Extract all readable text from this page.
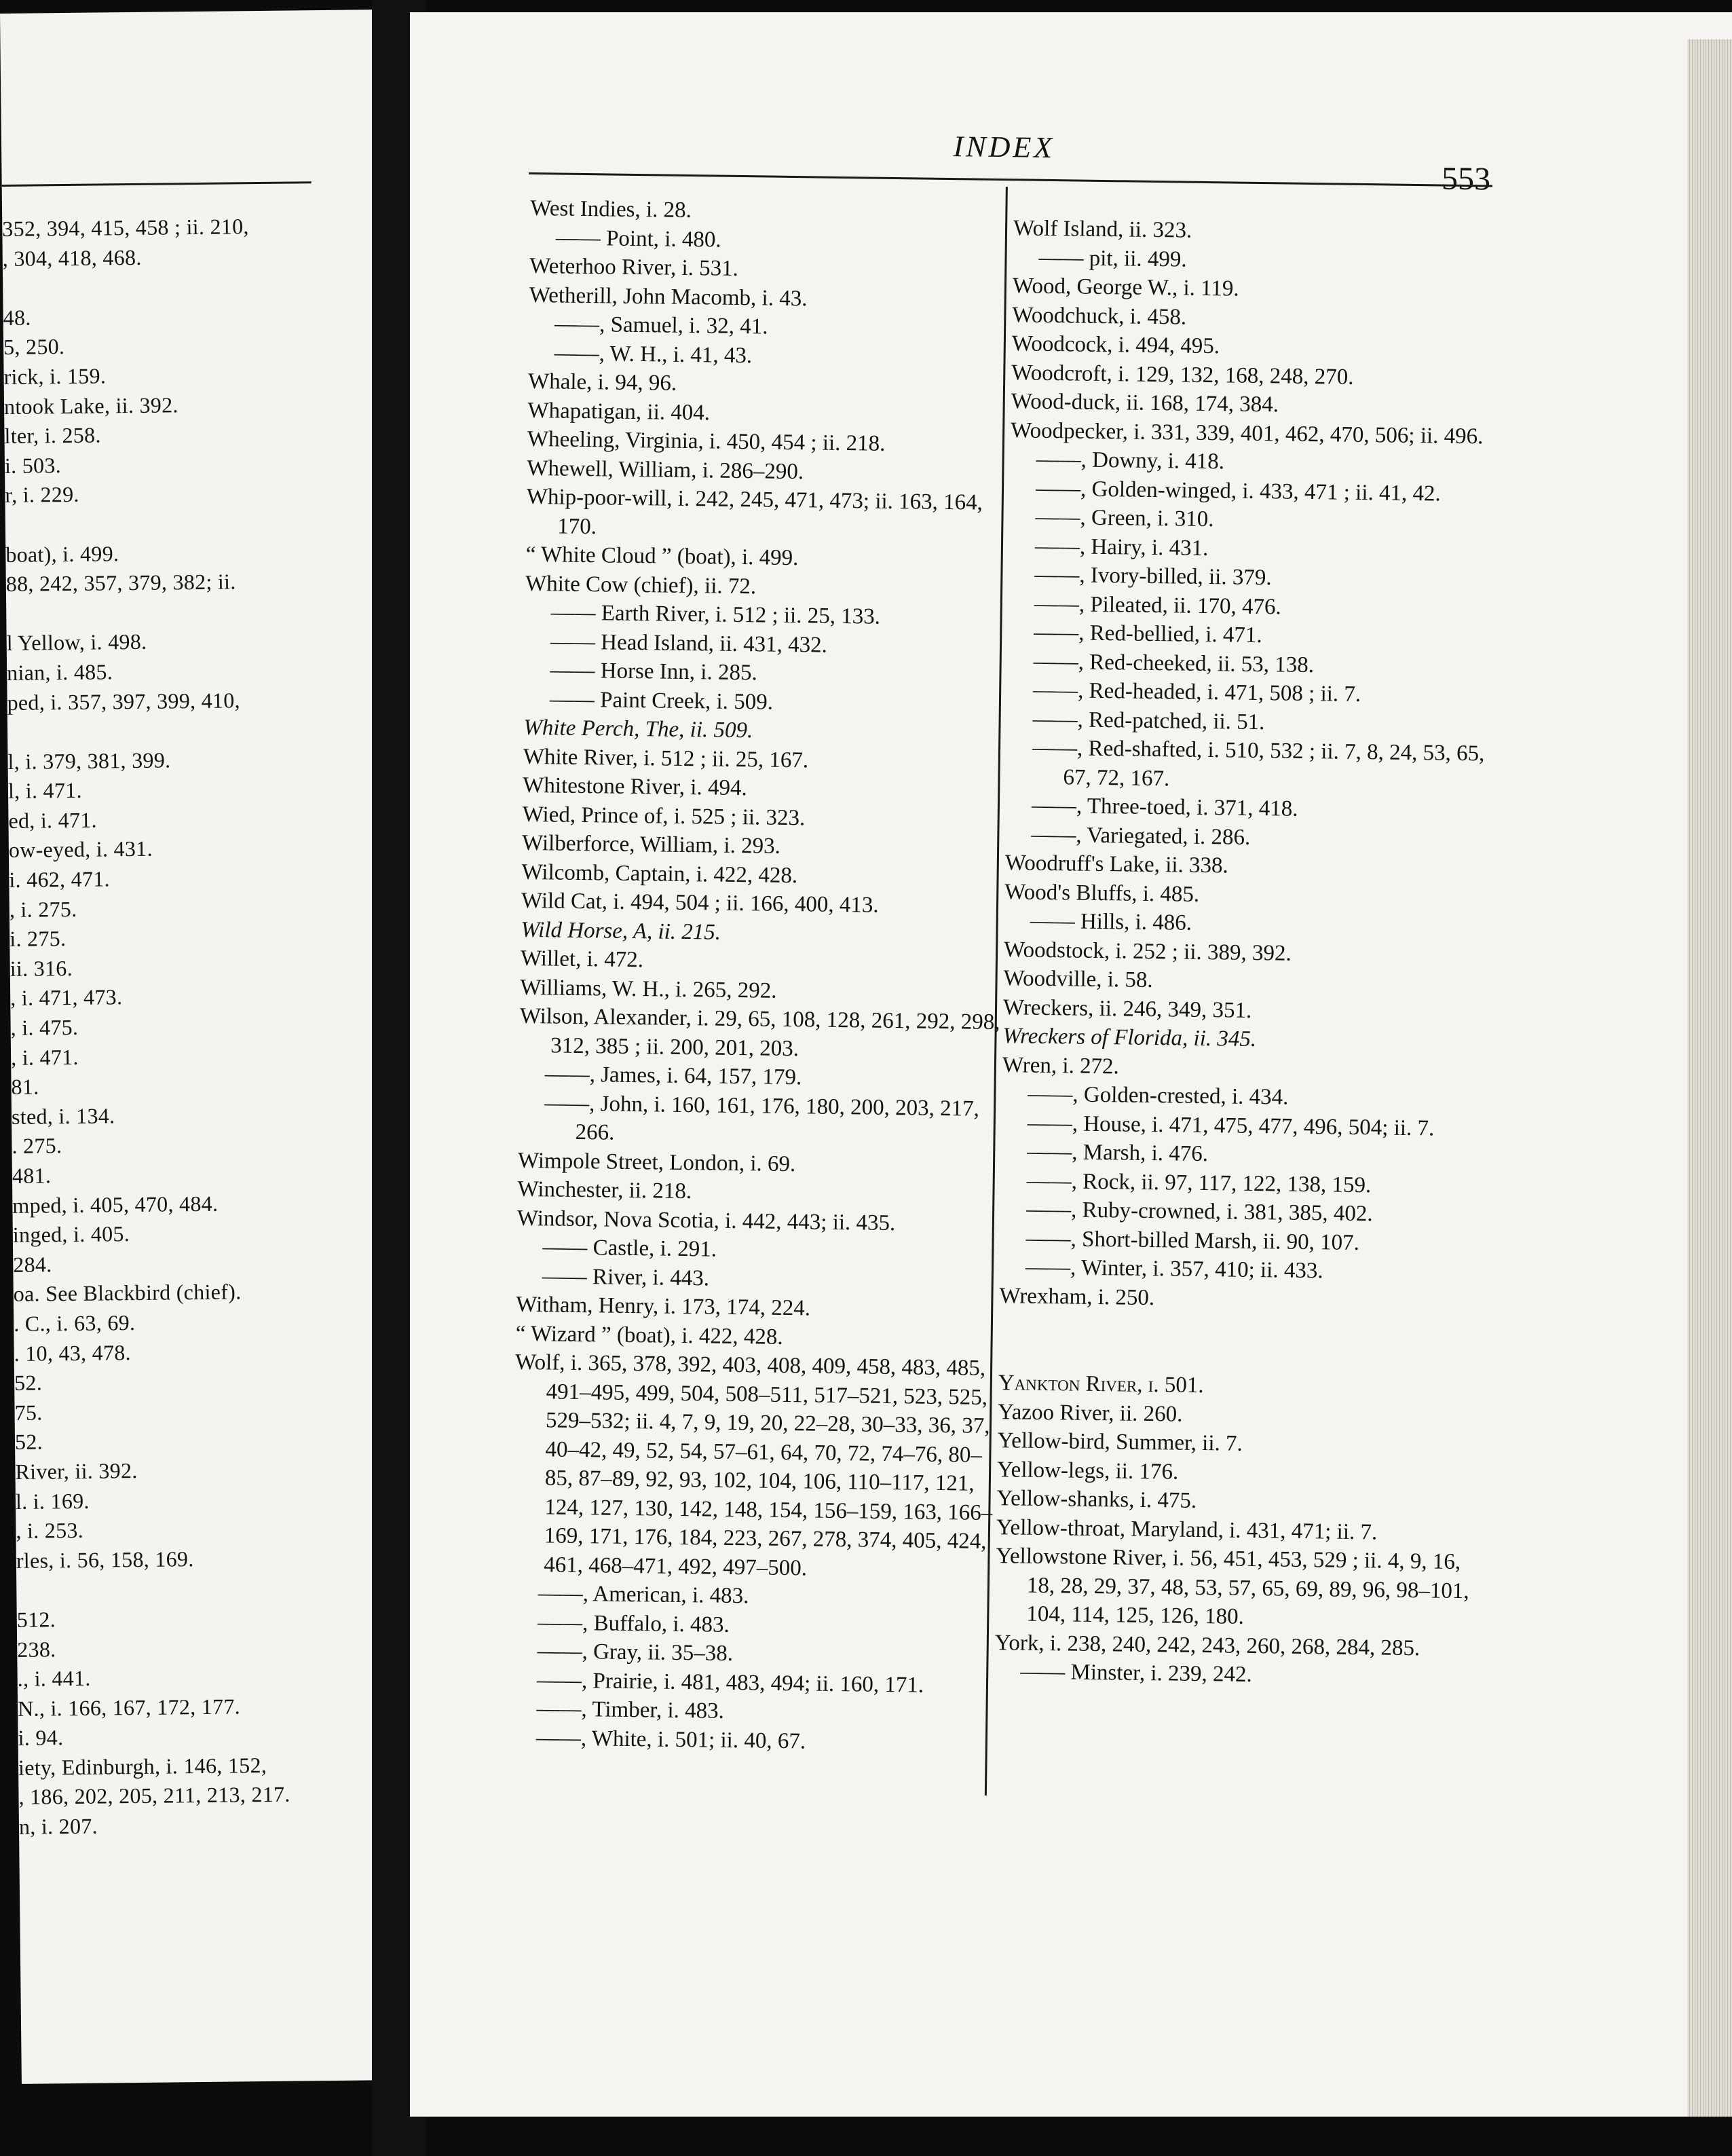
352, 394, 415, 458 ; ii. 210,
, 304, 418, 468.
48.
5, 250.
rick, i. 159.
ntook Lake, ii. 392.
lter, i. 258.
i. 503.
r, i. 229.
boat), i. 499.
88, 242, 357, 379, 382; ii.
l Yellow, i. 498.
nian, i. 485.
ped, i. 357, 397, 399, 410,
l, i. 379, 381, 399.
l, i. 471.
ed, i. 471.
ow-eyed, i. 431.
i. 462, 471.
, i. 275.
i. 275.
ii. 316.
, i. 471, 473.
, i. 475.
, i. 471.
81.
sted, i. 134.
. 275.
481.
mped, i. 405, 470, 484.
inged, i. 405.
284.
oa. See Blackbird (chief).
. C., i. 63, 69.
. 10, 43, 478.
52.
75.
52.
River, ii. 392.
l. i. 169.
, i. 253.
rles, i. 56, 158, 169.
512.
238.
., i. 441.
N., i. 166, 167, 172, 177.
i. 94.
iety, Edinburgh, i. 146, 152,
, 186, 202, 205, 211, 213, 217.
n, i. 207.
INDEX
553
West Indies, i. 28.
—— Point, i. 480.
Weterhoo River, i. 531.
Wetherill, John Macomb, i. 43.
——, Samuel, i. 32, 41.
——, W. H., i. 41, 43.
Whale, i. 94, 96.
Whapatigan, ii. 404.
Wheeling, Virginia, i. 450, 454 ; ii. 218.
Whewell, William, i. 286–290.
Whip-poor-will, i. 242, 245, 471, 473; ii. 163, 164, 170.
“ White Cloud ” (boat), i. 499.
White Cow (chief), ii. 72.
—— Earth River, i. 512 ; ii. 25, 133.
—— Head Island, ii. 431, 432.
—— Horse Inn, i. 285.
—— Paint Creek, i. 509.
White Perch, The, ii. 509.
White River, i. 512 ; ii. 25, 167.
Whitestone River, i. 494.
Wied, Prince of, i. 525 ; ii. 323.
Wilberforce, William, i. 293.
Wilcomb, Captain, i. 422, 428.
Wild Cat, i. 494, 504 ; ii. 166, 400, 413.
Wild Horse, A, ii. 215.
Willet, i. 472.
Williams, W. H., i. 265, 292.
Wilson, Alexander, i. 29, 65, 108, 128, 261, 292, 298, 312, 385 ; ii. 200, 201, 203.
——, James, i. 64, 157, 179.
——, John, i. 160, 161, 176, 180, 200, 203, 217, 266.
Wimpole Street, London, i. 69.
Winchester, ii. 218.
Windsor, Nova Scotia, i. 442, 443; ii. 435.
—— Castle, i. 291.
—— River, i. 443.
Witham, Henry, i. 173, 174, 224.
“ Wizard ” (boat), i. 422, 428.
Wolf, i. 365, 378, 392, 403, 408, 409, 458, 483, 485, 491–495, 499, 504, 508–511, 517–521, 523, 525, 529–532; ii. 4, 7, 9, 19, 20, 22–28, 30–33, 36, 37, 40–42, 49, 52, 54, 57–61, 64, 70, 72, 74–76, 80–85, 87–89, 92, 93, 102, 104, 106, 110–117, 121, 124, 127, 130, 142, 148, 154, 156–159, 163, 166–169, 171, 176, 184, 223, 267, 278, 374, 405, 424, 461, 468–471, 492, 497–500.
——, American, i. 483.
——, Buffalo, i. 483.
——, Gray, ii. 35–38.
——, Prairie, i. 481, 483, 494; ii. 160, 171.
——, Timber, i. 483.
——, White, i. 501; ii. 40, 67.
Wolf Island, ii. 323.
—— pit, ii. 499.
Wood, George W., i. 119.
Woodchuck, i. 458.
Woodcock, i. 494, 495.
Woodcroft, i. 129, 132, 168, 248, 270.
Wood-duck, ii. 168, 174, 384.
Woodpecker, i. 331, 339, 401, 462, 470, 506; ii. 496.
——, Downy, i. 418.
——, Golden-winged, i. 433, 471 ; ii. 41, 42.
——, Green, i. 310.
——, Hairy, i. 431.
——, Ivory-billed, ii. 379.
——, Pileated, ii. 170, 476.
——, Red-bellied, i. 471.
——, Red-cheeked, ii. 53, 138.
——, Red-headed, i. 471, 508 ; ii. 7.
——, Red-patched, ii. 51.
——, Red-shafted, i. 510, 532 ; ii. 7, 8, 24, 53, 65, 67, 72, 167.
——, Three-toed, i. 371, 418.
——, Variegated, i. 286.
Woodruff's Lake, ii. 338.
Wood's Bluffs, i. 485.
—— Hills, i. 486.
Woodstock, i. 252 ; ii. 389, 392.
Woodville, i. 58.
Wreckers, ii. 246, 349, 351.
Wreckers of Florida, ii. 345.
Wren, i. 272.
——, Golden-crested, i. 434.
——, House, i. 471, 475, 477, 496, 504; ii. 7.
——, Marsh, i. 476.
——, Rock, ii. 97, 117, 122, 138, 159.
——, Ruby-crowned, i. 381, 385, 402.
——, Short-billed Marsh, ii. 90, 107.
——, Winter, i. 357, 410; ii. 433.
Wrexham, i. 250.
Yankton River, i. 501.
Yazoo River, ii. 260.
Yellow-bird, Summer, ii. 7.
Yellow-legs, ii. 176.
Yellow-shanks, i. 475.
Yellow-throat, Maryland, i. 431, 471; ii. 7.
Yellowstone River, i. 56, 451, 453, 529 ; ii. 4, 9, 16, 18, 28, 29, 37, 48, 53, 57, 65, 69, 89, 96, 98–101, 104, 114, 125, 126, 180.
York, i. 238, 240, 242, 243, 260, 268, 284, 285.
—— Minster, i. 239, 242.
